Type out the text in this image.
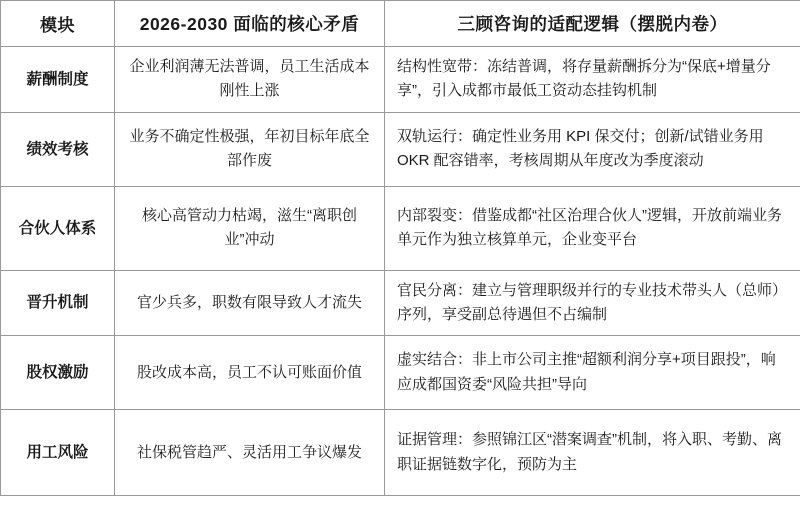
模块	2026-2030 面临的核心矛盾	三顾咨询的适配逻辑（摆脱内卷）
薪酬制度	企业利润薄无法普调，员工生活成本刚性上涨	结构性宽带：冻结普调，将存量薪酬拆分为“保底+增量分享”，引入成都市最低工资动态挂钩机制
绩效考核	业务不确定性极强，年初目标年底全部作废	双轨运行：确定性业务用 KPI 保交付；创新/试错业务用 OKR 配容错率，考核周期从年度改为季度滚动
合伙人体系	核心高管动力枯竭，滋生“离职创业”冲动	内部裂变：借鉴成都“社区治理合伙人”逻辑，开放前端业务单元作为独立核算单元，企业变平台
晋升机制	官少兵多，职数有限导致人才流失	官民分离：建立与管理职级并行的专业技术带头人（总师）序列，享受副总待遇但不占编制
股权激励	股改成本高，员工不认可账面价值	虚实结合：非上市公司主推“超额利润分享+项目跟投”，响应成都国资委“风险共担”导向
用工风险	社保税管趋严、灵活用工争议爆发	证据管理：参照锦江区“潜案调查”机制，将入职、考勤、离职证据链数字化，预防为主
